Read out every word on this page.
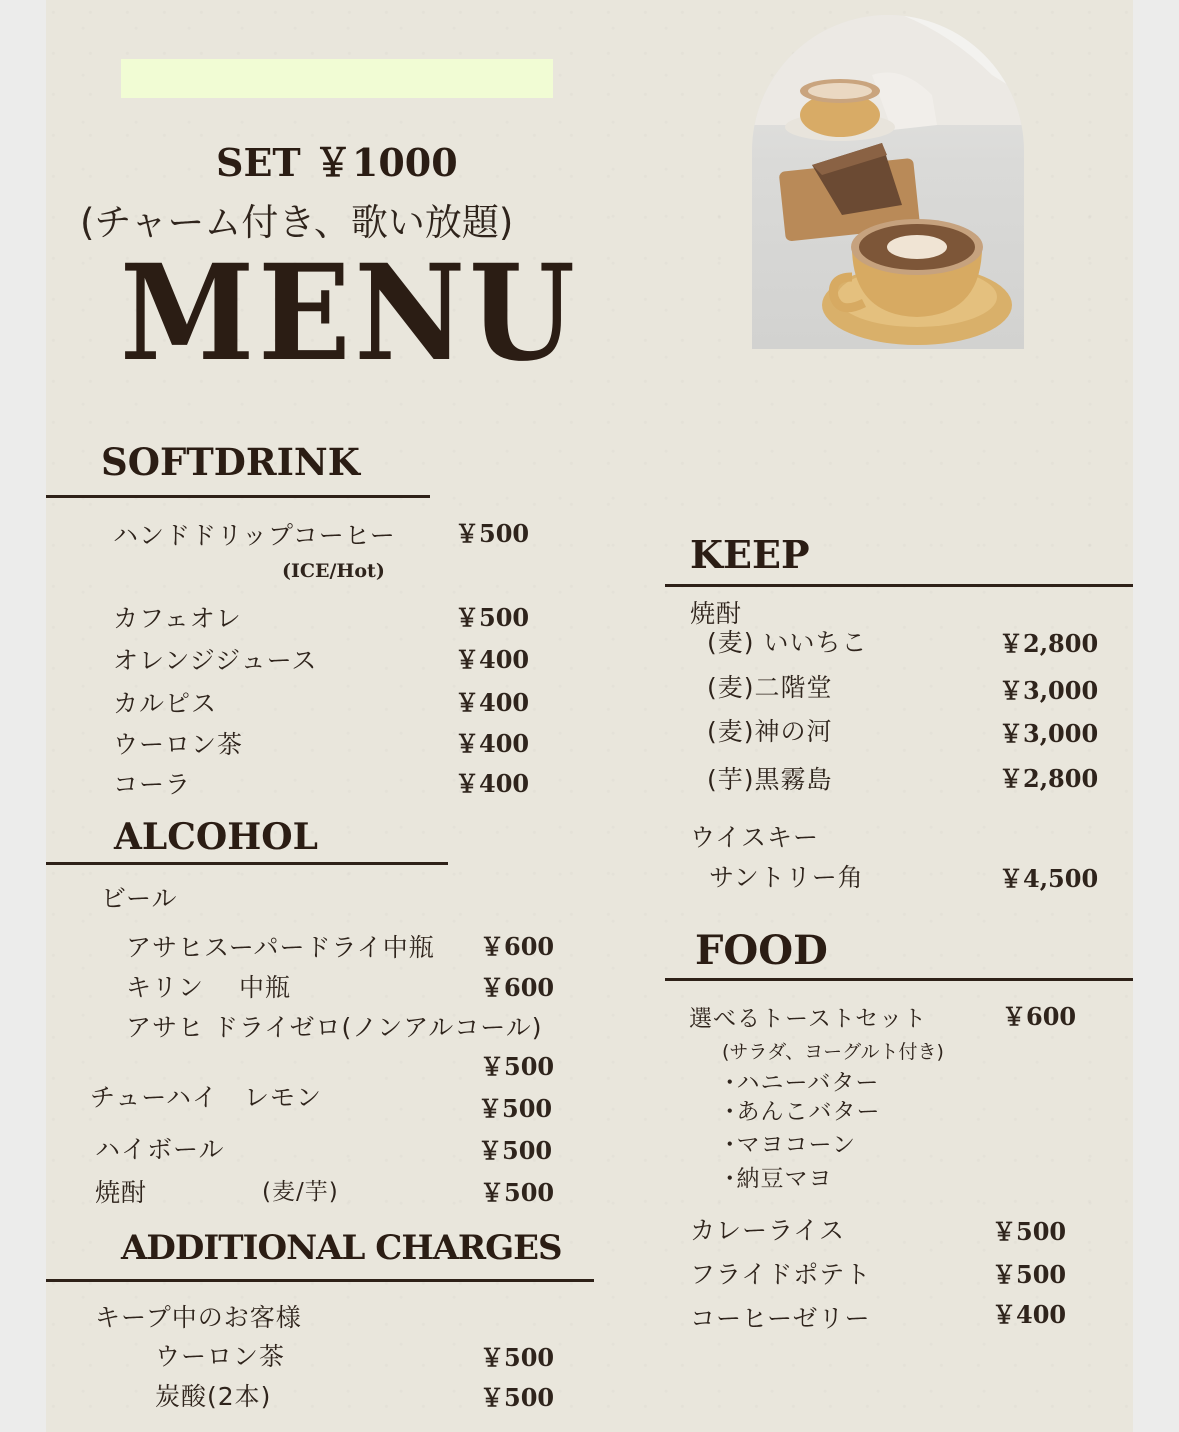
SET ￥1000
(チャーム付き、歌い放題)
MENU
SOFTDRINK
ハンドドリップコーヒー ￥500
(ICE/Hot)
カフェオレ	￥500
オレンジジュース	￥400
カルピス	￥400
ウーロン茶	￥400
コーラ	￥400
ALCOHOL
ビール
アサヒスーパードライ中瓶 ￥600
キリン　 中瓶	￥600
アサヒ ドライゼロ(ノンアルコール)
￥500
チューハイ　レモン	￥500
ハイボール	￥500
焼酎	(麦/芋)	￥500
ADDITIONAL CHARGES
キープ中のお客様
ウーロン茶	￥500
炭酸(2本)	￥500
KEEP
焼酎
(麦) いいちこ	￥2,800
(麦)二階堂	￥3,000
(麦)神の河	￥3,000
(芋)黒霧島	￥2,800
ウイスキー
サントリー角	￥4,500
FOOD
選べるトーストセット	￥600
(サラダ、ヨーグルト付き)
･ハニーバター
･あんこバター
･マヨコーン
･納豆マヨ
カレーライス	￥500
フライドポテト	￥500
コーヒーゼリー	￥400
